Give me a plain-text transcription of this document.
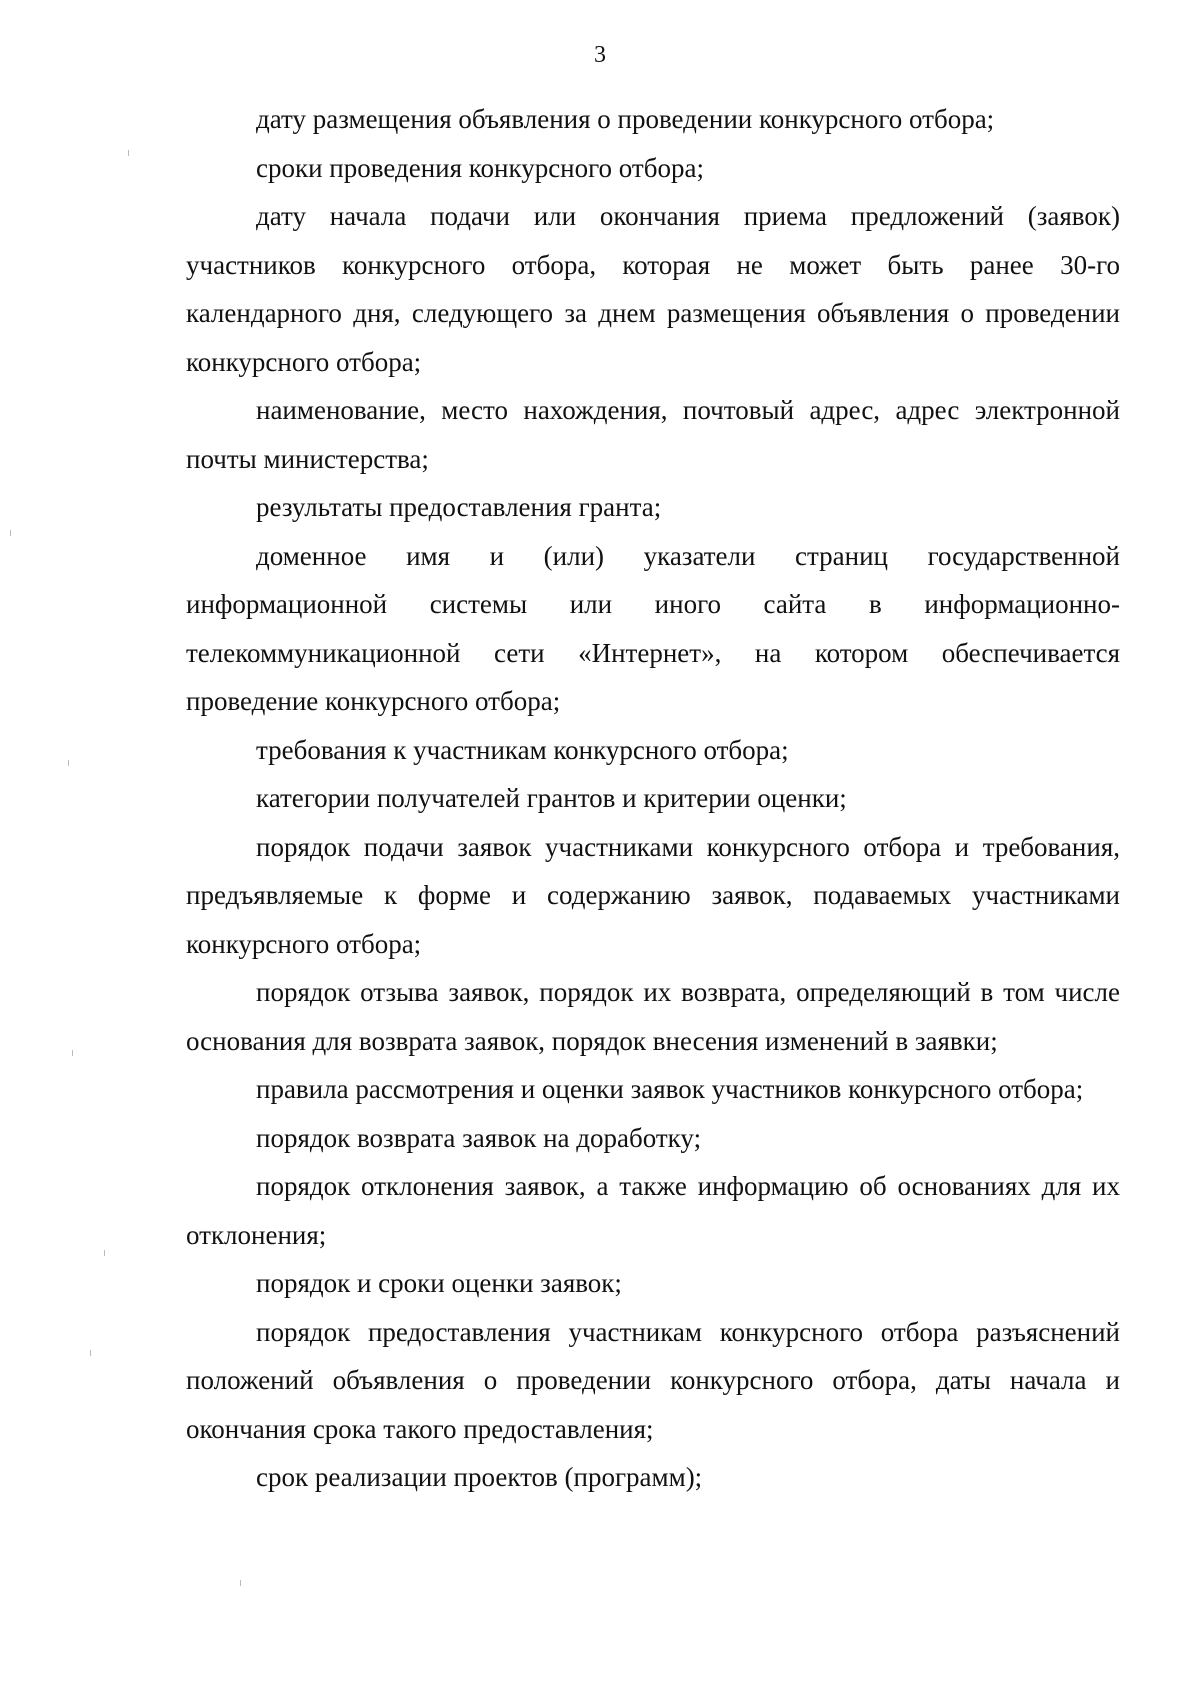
3

дату размещения объявления о проведении конкурсного отбора;

сроки проведения конкурсного отбора;

дату начала подачи или окончания приема предложений (заявок) участников конкурсного отбора, которая не может быть ранее 30-го календарного дня, следующего за днем размещения объявления о проведении конкурсного отбора;

наименование, место нахождения, почтовый адрес, адрес электронной почты министерства;

результаты предоставления гранта;

доменное имя и (или) указатели страниц государственной информационной системы или иного сайта в информационно-телекоммуникационной сети «Интернет», на котором обеспечивается проведение конкурсного отбора;

требования к участникам конкурсного отбора;

категории получателей грантов и критерии оценки;

порядок подачи заявок участниками конкурсного отбора и требования, предъявляемые к форме и содержанию заявок, подаваемых участниками конкурсного отбора;

порядок отзыва заявок, порядок их возврата, определяющий в том числе основания для возврата заявок, порядок внесения изменений в заявки;

правила рассмотрения и оценки заявок участников конкурсного отбора;

порядок возврата заявок на доработку;

порядок отклонения заявок, а также информацию об основаниях для их отклонения;

порядок и сроки оценки заявок;

порядок предоставления участникам конкурсного отбора разъяснений положений объявления о проведении конкурсного отбора, даты начала и окончания срока такого предоставления;

срок реализации проектов (программ);
